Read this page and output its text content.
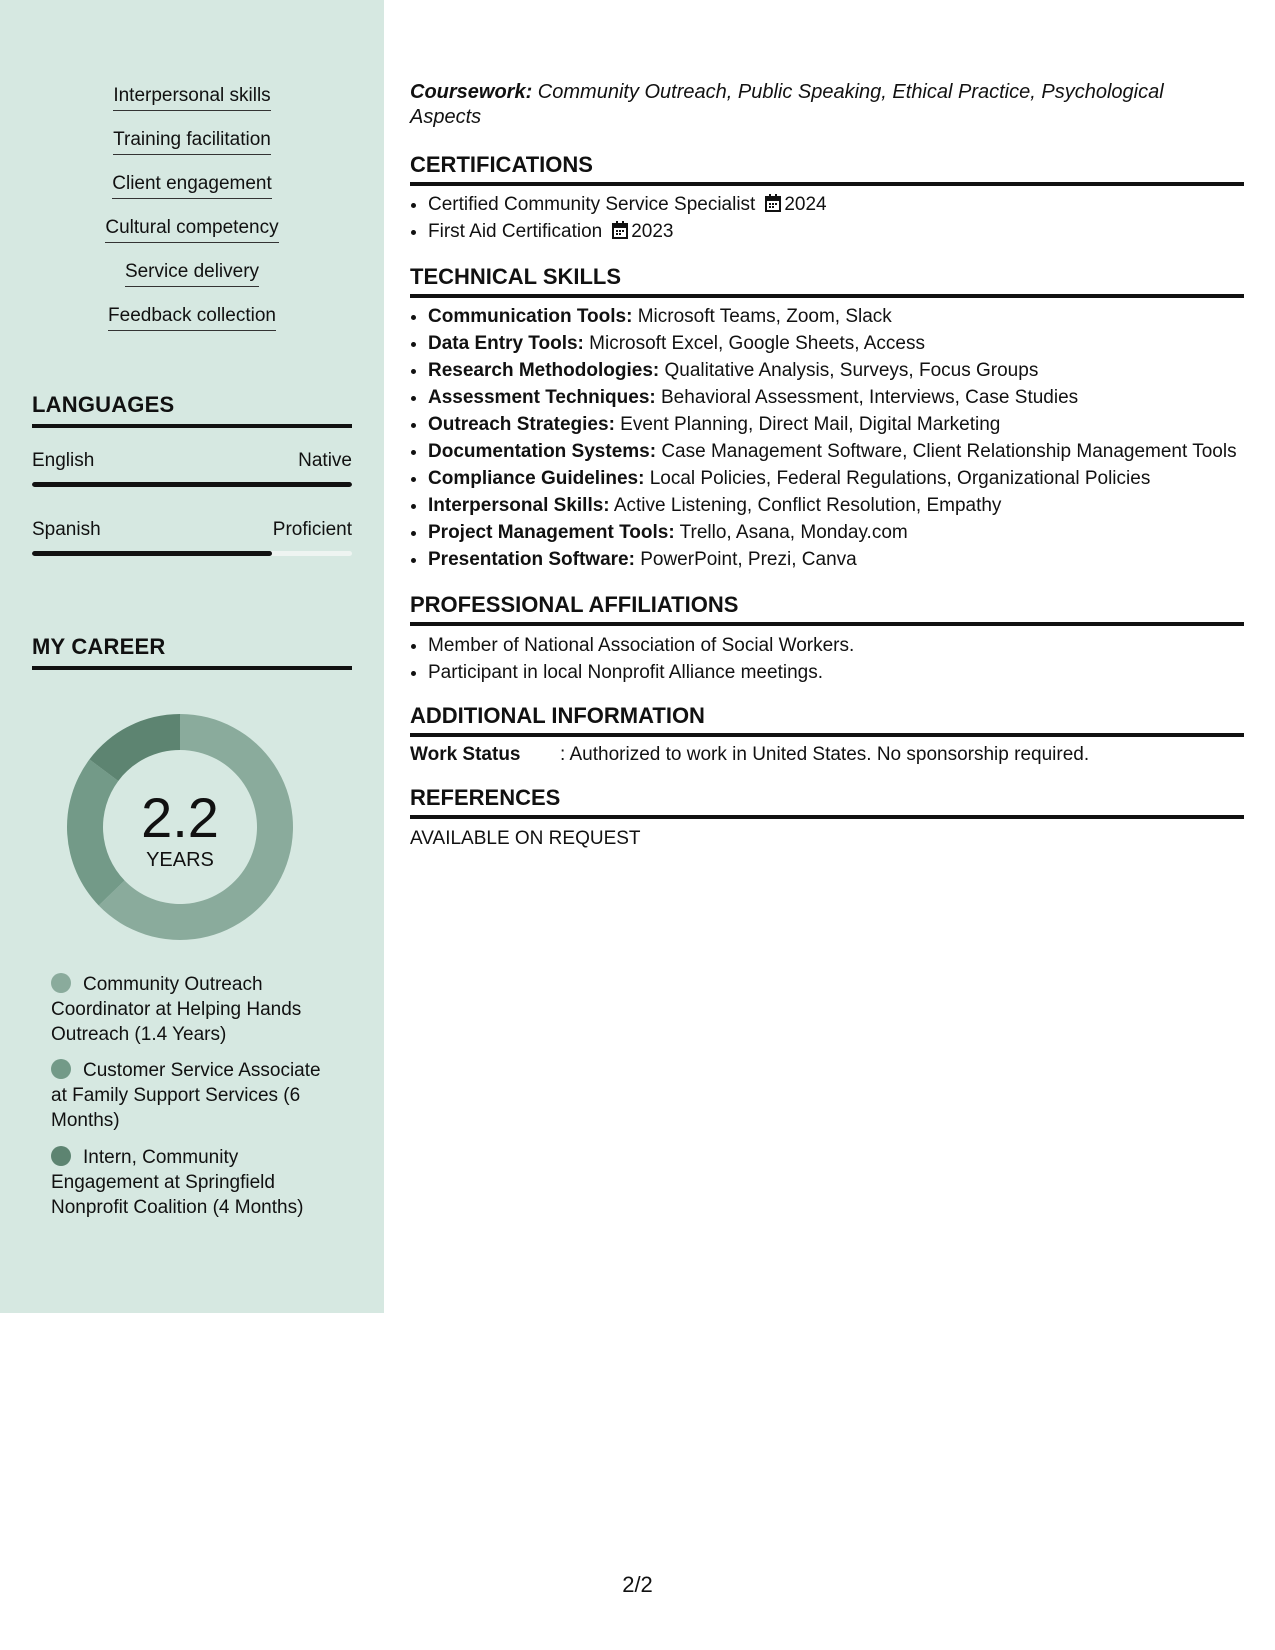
Interpersonal skills
Training facilitation
Client engagement
Cultural competency
Service delivery
Feedback collection
LANGUAGES
English	Native
Spanish	Proficient
MY CAREER
2.2
YEARS
Community Outreach Coordinator at Helping Hands Outreach (1.4 Years)
Customer Service Associate at Family Support Services (6 Months)
Intern, Community Engagement at Springfield Nonprofit Coalition (4 Months)
Coursework: Community Outreach, Public Speaking, Ethical Practice, Psychological Aspects
CERTIFICATIONS
• Certified Community Service Specialist 2024
• First Aid Certification 2023
TECHNICAL SKILLS
• Communication Tools: Microsoft Teams, Zoom, Slack
• Data Entry Tools: Microsoft Excel, Google Sheets, Access
• Research Methodologies: Qualitative Analysis, Surveys, Focus Groups
• Assessment Techniques: Behavioral Assessment, Interviews, Case Studies
• Outreach Strategies: Event Planning, Direct Mail, Digital Marketing
• Documentation Systems: Case Management Software, Client Relationship Management Tools
• Compliance Guidelines: Local Policies, Federal Regulations, Organizational Policies
• Interpersonal Skills: Active Listening, Conflict Resolution, Empathy
• Project Management Tools: Trello, Asana, Monday.com
• Presentation Software: PowerPoint, Prezi, Canva
PROFESSIONAL AFFILIATIONS
• Member of National Association of Social Workers.
• Participant in local Nonprofit Alliance meetings.
ADDITIONAL INFORMATION
Work Status : Authorized to work in United States. No sponsorship required.
REFERENCES
AVAILABLE ON REQUEST
2/2
